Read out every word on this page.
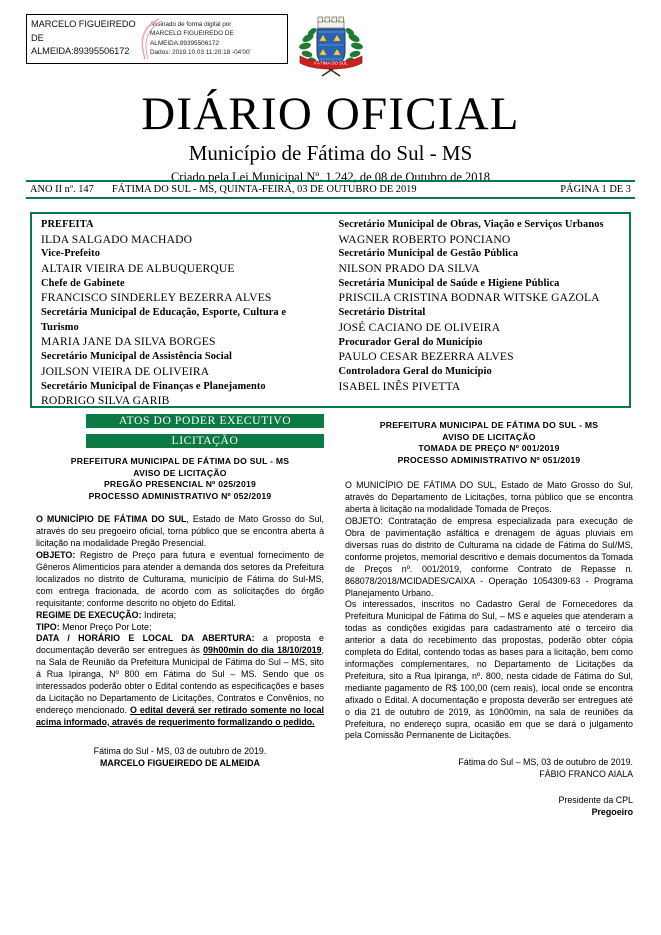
MARCELO FIGUEIREDO
DE
ALMEIDA:89395506172
Assinado de forma digital por
MARCELO FIGUEIREDO DE
ALMEIDA:89395506172
Dados: 2019.10.03 11:20:18 -04'00'
FÁTIMA DO SUL
DIÁRIO OFICIAL
Município de Fátima do Sul - MS
Criado pela Lei Municipal Nº. 1.242, de 08 de Outubro de 2018
ANO II nº. 147	FÁTIMA DO SUL - MS, QUINTA-FEIRA, 03 DE OUTUBRO DE 2019	PÁGINA 1 DE 3
PREFEITA
ILDA SALGADO MACHADO
Vice-Prefeito
ALTAIR VIEIRA DE ALBUQUERQUE
Chefe de Gabinete
FRANCISCO SINDERLEY BEZERRA ALVES
Secretária Municipal de Educação, Esporte, Cultura e Turismo
MARIA JANE DA SILVA BORGES
Secretário Municipal de Assistência Social
JOILSON VIEIRA DE OLIVEIRA
Secretário Municipal de Finanças e Planejamento
RODRIGO SILVA GARIB
Secretário Municipal de Obras, Viação e Serviços Urbanos
WAGNER ROBERTO PONCIANO
Secretário Municipal de Gestão Pública
NILSON PRADO DA SILVA
Secretária Municipal de Saúde e Higiene Pública
PRISCILA CRISTINA BODNAR WITSKE GAZOLA
Secretário Distrital
JOSÉ CACIANO DE OLIVEIRA
Procurador Geral do Município
PAULO CESAR BEZERRA ALVES
Controladora Geral do Município
ISABEL INÊS PIVETTA
ATOS DO PODER EXECUTIVO
LICITAÇÃO
PREFEITURA MUNICIPAL DE FÁTIMA DO SUL - MS
AVISO DE LICITAÇÃO
PREGÃO PRESENCIAL Nº 025/2019
PROCESSO ADMINISTRATIVO Nº 052/2019

O MUNICÍPIO DE FÁTIMA DO SUL, Estado de Mato Grosso do Sul, através do seu pregoeiro oficial, torna público que se encontra aberta à licitação na modalidade Pregão Presencial.

OBJETO: Registro de Preço para futura e eventual fornecimento de Gêneros Alimenticios para atender a demanda dos setores da Prefeitura localizados no distrito de Culturama, município de Fátima do Sul-MS, com entrega fracionada, de acordo com as solicitações do órgão requisitante; conforme descrito no objeto do Edital.

REGIME DE EXECUÇÃO: Indireta;

TIPO: Menor Preço Por Lote;

DATA / HORÁRIO E LOCAL DA ABERTURA: a proposta e documentação deverão ser entregues às 09h00min do dia 18/10/2019, na Sala de Reunião da Prefeitura Municipal de Fátima do Sul – MS, sito á Rua Ipiranga, Nº 800 em Fátima do Sul – MS. Sendo que os interessados poderão obter o Edital contendo as especificações e bases da Licitação no Departamento de Licitações, Contratos e Convênios, no endereço mencionado. O edital deverá ser retirado somente no local acima informado, através de requerimento formalizando o pedido.

Fátima do Sul - MS, 03 de outubro de 2019.
MARCELO FIGUEIREDO DE ALMEIDA
PREFEITURA MUNICIPAL DE FÁTIMA DO SUL - MS
AVISO DE LICITAÇÃO
TOMADA DE PREÇO Nº 001/2019
PROCESSO ADMINISTRATIVO Nº 051/2019

O MUNICÍPIO DE FÁTIMA DO SUL, Estado de Mato Grosso do Sul, através do Departamento de Licitações, torna público que se encontra aberta à licitação na modalidade Tomada de Preços.

OBJETO: Contratação de empresa especializada para execução de Obra de pavimentação asfáltica e drenagem de águas pluviais em diversas ruas do distrito de Culturama na cidade de Fátima do Sul/MS, conforme projetos, memorial descritivo e demais documentos da Tomada de Preços nº. 001/2019, conforme Contrato de Repasse n. 868078/2018/MCIDADES/CAIXA - Operação 1054309-63 - Programa Planejamento Urbano.

Os interessados, inscritos no Cadastro Geral de Fornecedores da Prefeitura Municipal de Fátima do Sul, – MS e aqueles que atenderam a todas as condições exigidas para cadastramento até o terceiro dia anterior a data do recebimento das propostas, poderão obter cópia completa do Edital, contendo todas as bases para a licitação, bem como informações complementares, no Departamento de Licitações da Prefeitura, sito a Rua Ipiranga, nº. 800, nesta cidade de Fátima do Sul, mediante pagamento de R$ 100,00 (cem reais), local onde se encontra afixado o Edital. A documentação e proposta deverão ser entregues até o dia 21 de outubro de 2019, às 10h00min, na sala de reuniões da Prefeitura, no endereço supra, ocasião em que se dará o julgamento pela Comissão Permanente de Licitações.

Fátima do Sul – MS, 03 de outubro de 2019.
FÁBIO FRANCO AIALA
Presidente da CPL
Pregoeiro
